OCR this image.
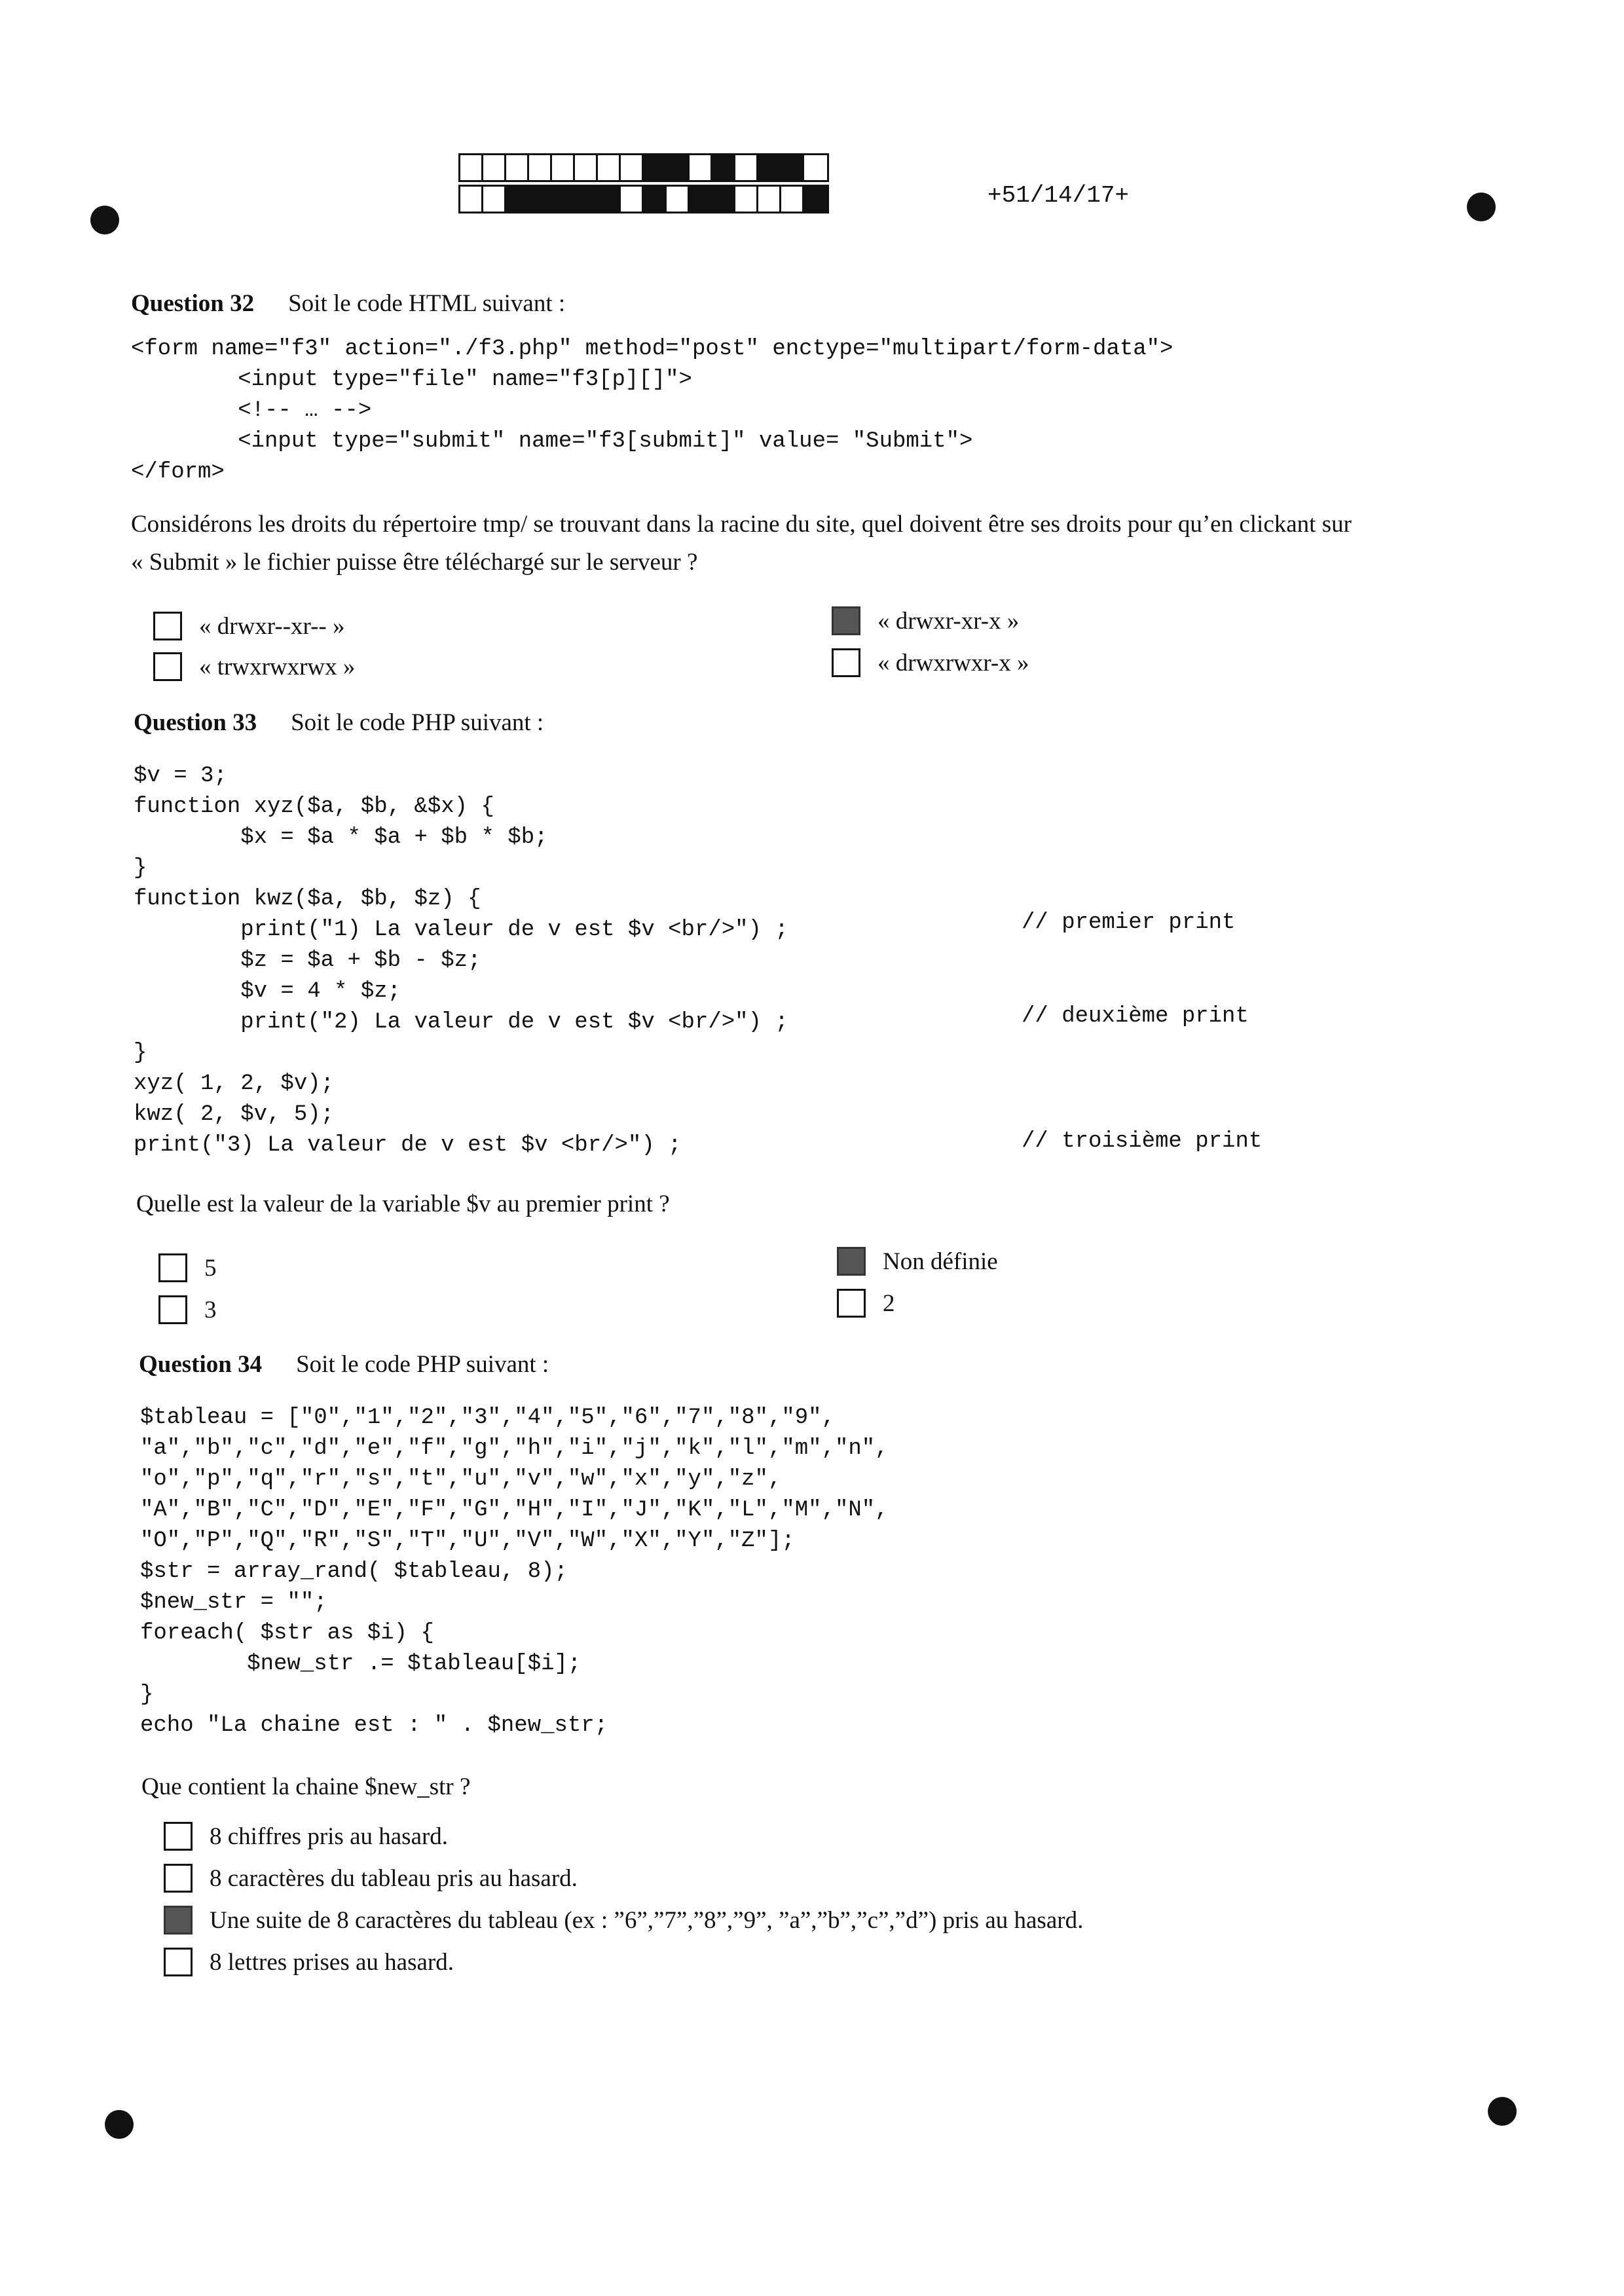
+51/14/17+
Question 32 Soit le code HTML suivant :
<form name="f3" action="./f3.php" method="post" enctype="multipart/form-data">
<input type="file" name="f3[p][]">
<!-- … -->
<input type="submit" name="f3[submit]" value= "Submit">
</form>
Considérons les droits du répertoire tmp/ se trouvant dans la racine du site, quel doivent être ses droits pour qu’en clickant sur
« Submit » le fichier puisse être téléchargé sur le serveur ?
« drwxr--xr-- »
« trwxrwxrwx »
« drwxr-xr-x »
« drwxrwxr-x »
Question 33 Soit le code PHP suivant :
$v = 3;
function xyz($a, $b, &$x) {
$x = $a * $a + $b * $b;
}
function kwz($a, $b, $z) {
print("1) La valeur de v est $v <br/>") ;
$z = $a + $b - $z;
$v = 4 * $z;
print("2) La valeur de v est $v <br/>") ;
}
xyz( 1, 2, $v);
kwz( 2, $v, 5);
print("3) La valeur de v est $v <br/>") ;
// premier print
// deuxième print
// troisième print
Quelle est la valeur de la variable $v au premier print ?
5
3
Non définie
2
Question 34 Soit le code PHP suivant :
$tableau = ["0","1","2","3","4","5","6","7","8","9",
"a","b","c","d","e","f","g","h","i","j","k","l","m","n",
"o","p","q","r","s","t","u","v","w","x","y","z",
"A","B","C","D","E","F","G","H","I","J","K","L","M","N",
"O","P","Q","R","S","T","U","V","W","X","Y","Z"];
$str = array_rand( $tableau, 8);
$new_str = "";
foreach( $str as $i) {
$new_str .= $tableau[$i];
}
echo "La chaine est : " . $new_str;
Que contient la chaine $new_str ?
8 chiffres pris au hasard.
8 caractères du tableau pris au hasard.
Une suite de 8 caractères du tableau (ex : ”6”,”7”,”8”,”9”, ”a”,”b”,”c”,”d”) pris au hasard.
8 lettres prises au hasard.
